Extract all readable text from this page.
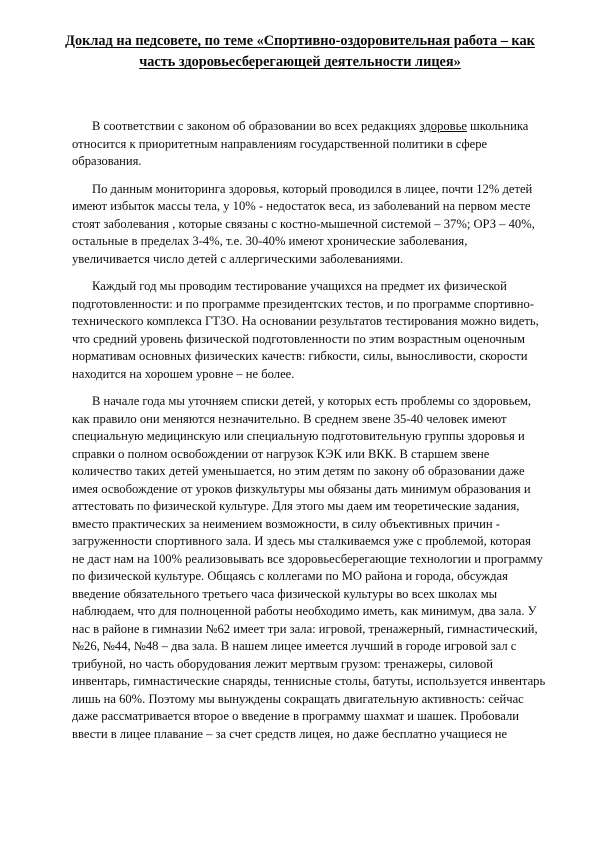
Доклад на педсовете, по теме «Спортивно-оздоровительная работа – как
часть здоровьесберегающей деятельности лицея»
В соответствии с законом об образовании во всех редакциях здоровье школьника
относится к приоритетным направлениям государственной политики в сфере
образования.
По данным мониторинга здоровья, который проводился в лицее, почти 12% детей
имеют избыток массы тела, у 10% - недостаток веса, из заболеваний на первом месте
стоят заболевания , которые связаны с костно-мышечной системой – 37%; ОРЗ – 40%,
остальные в пределах 3-4%, т.е. 30-40% имеют хронические заболевания,
увеличивается число детей с аллергическими заболеваниями.
Каждый год мы проводим тестирование учащихся на предмет их физической
подготовленности: и по программе президентских тестов, и по программе спортивно-
технического комплекса ГТЗО. На основании результатов тестирования можно видеть,
что средний уровень физической подготовленности по этим возрастным оценочным
нормативам основных физических качеств: гибкости, силы, выносливости, скорости
находится на хорошем уровне – не более.
В начале года мы уточняем списки детей, у которых есть проблемы со здоровьем,
как правило они меняются незначительно. В среднем звене 35-40 человек имеют
специальную медицинскую или специальную подготовительную группы здоровья и
справки о полном освобождении от нагрузок КЭК или ВКК. В старшем звене
количество таких детей уменьшается, но этим детям по закону об образовании даже
имея освобождение от уроков физкультуры мы обязаны дать минимум образования и
аттестовать по физической культуре. Для этого мы даем им теоретические задания,
вместо практических за неимением возможности, в силу объективных причин -
загруженности спортивного зала. И здесь мы сталкиваемся уже с проблемой, которая
не даст нам на 100% реализовывать все здоровьесберегающие технологии и программу
по физической культуре. Общаясь с коллегами по МО района и города, обсуждая
введение обязательного третьего часа физической культуры во всех школах мы
наблюдаем, что для полноценной работы необходимо иметь, как минимум, два зала. У
нас в районе в гимназии №62 имеет три зала: игровой, тренажерный, гимнастический,
№26, №44, №48 – два зала. В нашем лицее имеется лучший в городе игровой зал с
трибуной, но часть оборудования лежит мертвым грузом: тренажеры, силовой
инвентарь, гимнастические снаряды, теннисные столы, батуты, используется инвентарь
лишь на 60%. Поэтому мы вынуждены сокращать двигательную активность: сейчас
даже рассматривается второе о введение в программу шахмат и шашек. Пробовали
ввести в лицее плавание – за счет средств лицея, но даже бесплатно учащиеся не
